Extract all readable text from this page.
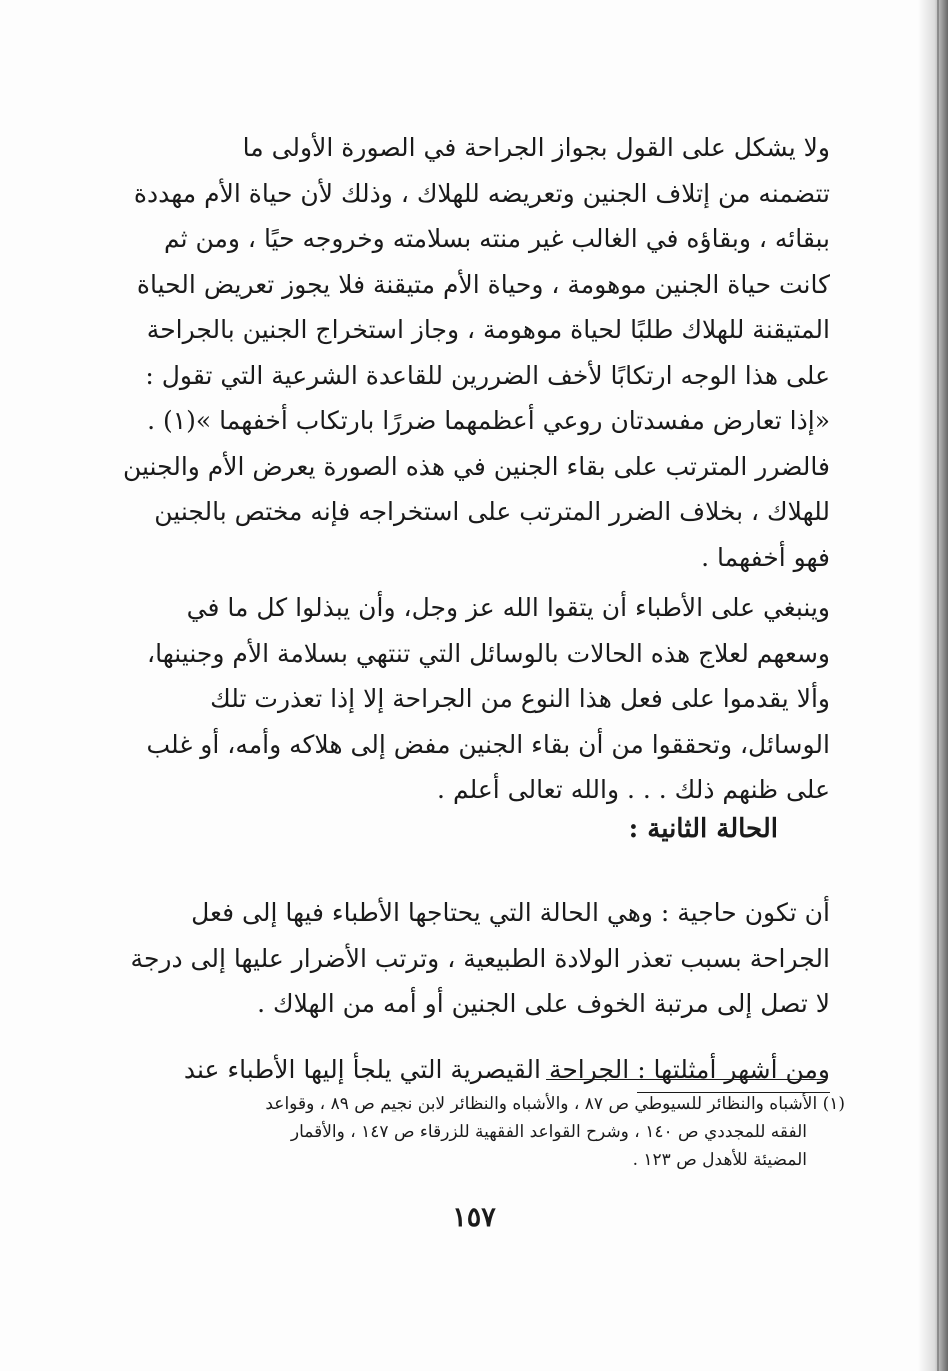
ولا يشكل على القول بجواز الجراحة في الصورة الأولى ما
تتضمنه من إتلاف الجنين وتعريضه للهلاك ، وذلك لأن حياة الأم مهددة
ببقائه ، وبقاؤه في الغالب غير منته بسلامته وخروجه حيًا ، ومن ثم
كانت حياة الجنين موهومة ، وحياة الأم متيقنة فلا يجوز تعريض الحياة
المتيقنة للهلاك طلبًا لحياة موهومة ، وجاز استخراج الجنين بالجراحة
على هذا الوجه ارتكابًا لأخف الضررين للقاعدة الشرعية التي تقول :
«إذا تعارض مفسدتان روعي أعظمهما ضررًا بارتكاب أخفهما »(١) .
فالضرر المترتب على بقاء الجنين في هذه الصورة يعرض الأم والجنين
للهلاك ، بخلاف الضرر المترتب على استخراجه فإنه مختص بالجنين
فهو أخفهما .
وينبغي على الأطباء أن يتقوا الله عز وجل، وأن يبذلوا كل ما في
وسعهم لعلاج هذه الحالات بالوسائل التي تنتهي بسلامة الأم وجنينها،
وألا يقدموا على فعل هذا النوع من الجراحة إلا إذا تعذرت تلك
الوسائل، وتحققوا من أن بقاء الجنين مفض إلى هلاكه وأمه، أو غلب
على ظنهم ذلك . . . والله تعالى أعلم .
الحالة الثانية :
أن تكون حاجية : وهي الحالة التي يحتاجها الأطباء فيها إلى فعل
الجراحة بسبب تعذر الولادة الطبيعية ، وترتب الأضرار عليها إلى درجة
لا تصل إلى مرتبة الخوف على الجنين أو أمه من الهلاك .

ومن أشهر أمثلتها : الجراحة القيصرية التي يلجأ إليها الأطباء عند

(١) الأشباه والنظائر للسيوطي ص ٨٧ ، والأشباه والنظائر لابن نجيم ص ٨٩ ، وقواعد
الفقه للمجددي ص ١٤٠ ، وشرح القواعد الفقهية للزرقاء ص ١٤٧ ، والأقمار
المضيئة للأهدل ص ١٢٣ .
١٥٧
